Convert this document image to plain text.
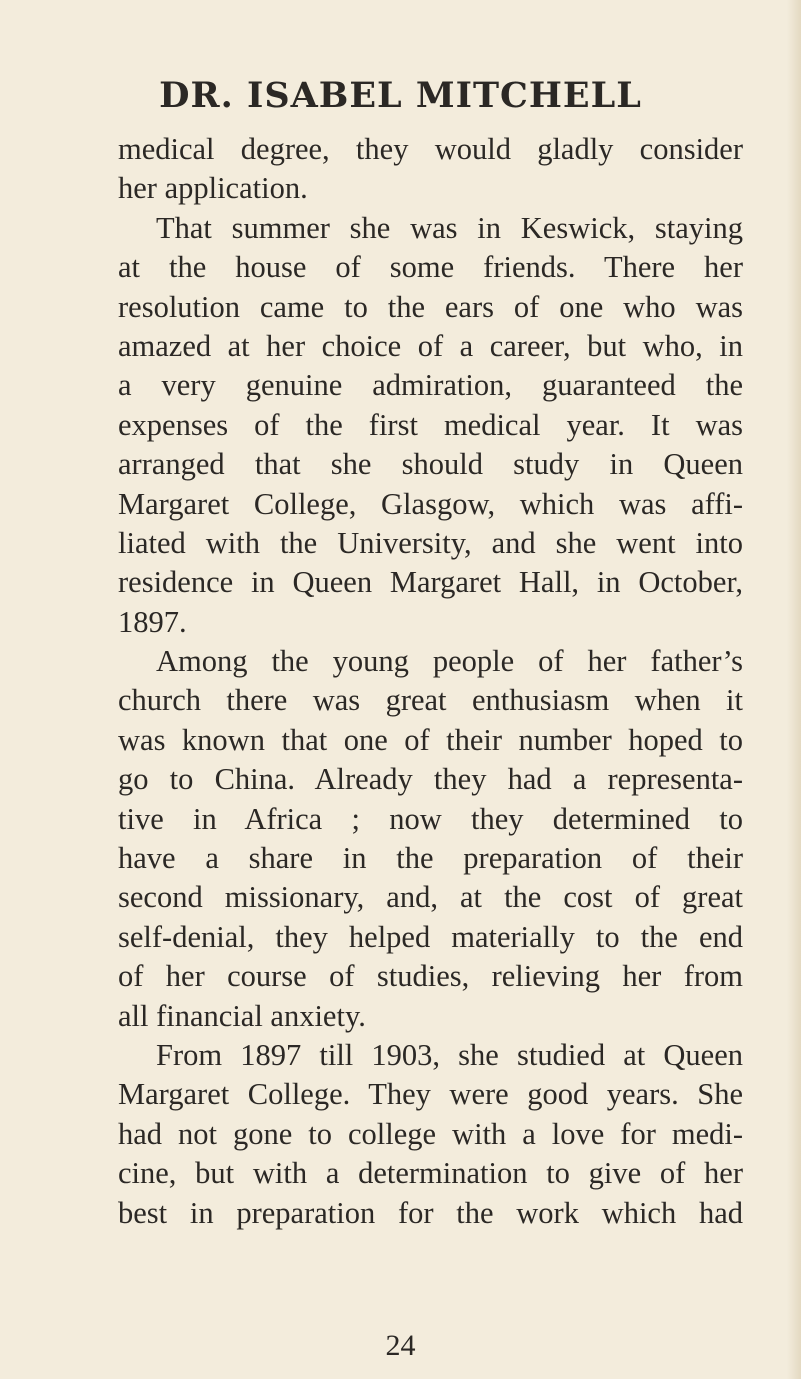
DR. ISABEL MITCHELL
medical degree, they would gladly consider
her application.
That summer she was in Keswick, staying
at the house of some friends. There her
resolution came to the ears of one who was
amazed at her choice of a career, but who, in
a very genuine admiration, guaranteed the
expenses of the first medical year. It was
arranged that she should study in Queen
Margaret College, Glasgow, which was affi-
liated with the University, and she went into
residence in Queen Margaret Hall, in October,
1897.
Among the young people of her father’s
church there was great enthusiasm when it
was known that one of their number hoped to
go to China. Already they had a representa-
tive in Africa ; now they determined to
have a share in the preparation of their
second missionary, and, at the cost of great
self-denial, they helped materially to the end
of her course of studies, relieving her from
all financial anxiety.
From 1897 till 1903, she studied at Queen
Margaret College. They were good years. She
had not gone to college with a love for medi-
cine, but with a determination to give of her
best in preparation for the work which had
24
